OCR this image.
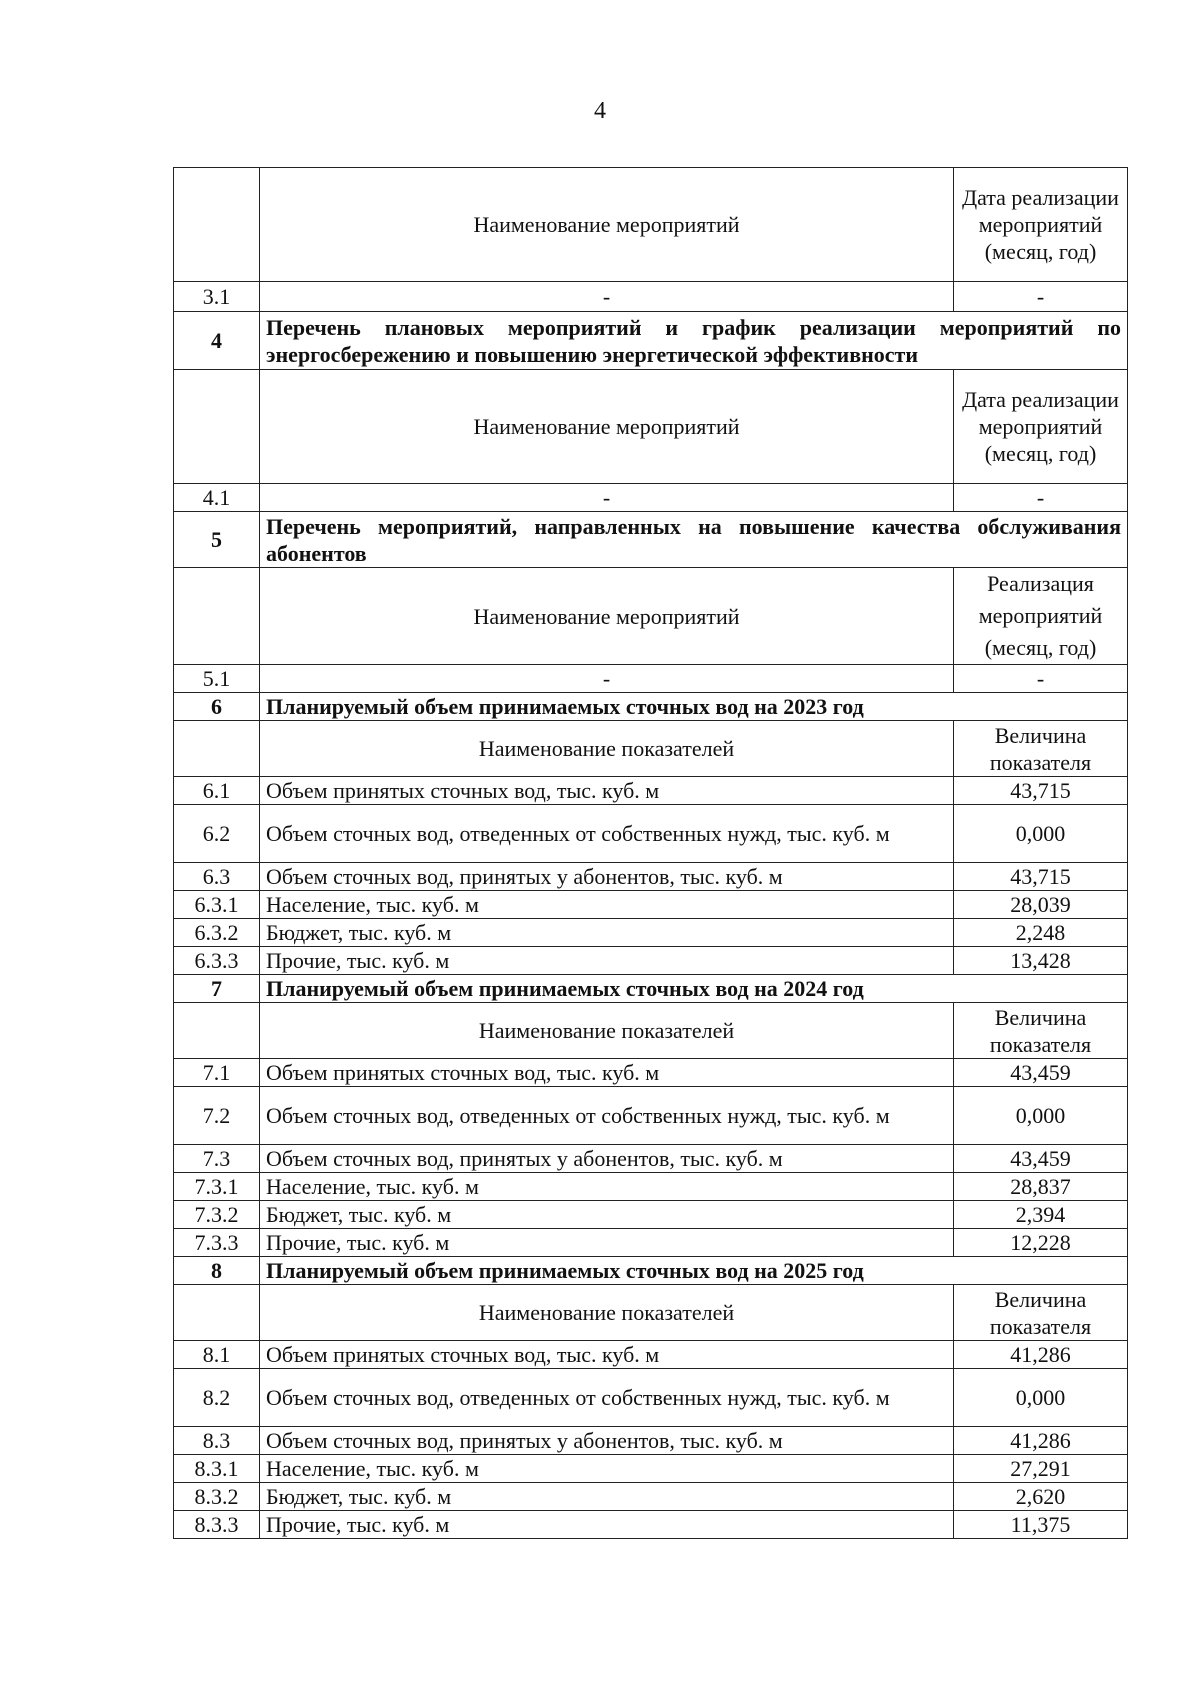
4
	Наименование мероприятий	Дата реализации мероприятий (месяц, год)
3.1	-	-
4	Перечень плановых мероприятий и график реализации мероприятий по энергосбережению и повышению энергетической эффективности	
	Наименование мероприятий	Дата реализации мероприятий (месяц, год)
4.1	-	-
5	Перечень мероприятий, направленных на повышение качества обслуживания абонентов	
	Наименование мероприятий	Реализация мероприятий (месяц, год)
5.1	-	-
6	Планируемый объем принимаемых сточных вод на 2023 год	
	Наименование показателей	Величина показателя
6.1	Объем принятых сточных вод, тыс. куб. м	43,715
6.2	Объем сточных вод, отведенных от собственных нужд, тыс. куб. м	0,000
6.3	Объем сточных вод, принятых у абонентов, тыс. куб. м	43,715
6.3.1	Население, тыс. куб. м	28,039
6.3.2	Бюджет, тыс. куб. м	2,248
6.3.3	Прочие, тыс. куб. м	13,428
7	Планируемый объем принимаемых сточных вод на 2024 год	
	Наименование показателей	Величина показателя
7.1	Объем принятых сточных вод, тыс. куб. м	43,459
7.2	Объем сточных вод, отведенных от собственных нужд, тыс. куб. м	0,000
7.3	Объем сточных вод, принятых у абонентов, тыс. куб. м	43,459
7.3.1	Население, тыс. куб. м	28,837
7.3.2	Бюджет, тыс. куб. м	2,394
7.3.3	Прочие, тыс. куб. м	12,228
8	Планируемый объем принимаемых сточных вод на 2025 год	
	Наименование показателей	Величина показателя
8.1	Объем принятых сточных вод, тыс. куб. м	41,286
8.2	Объем сточных вод, отведенных от собственных нужд, тыс. куб. м	0,000
8.3	Объем сточных вод, принятых у абонентов, тыс. куб. м	41,286
8.3.1	Население, тыс. куб. м	27,291
8.3.2	Бюджет, тыс. куб. м	2,620
8.3.3	Прочие, тыс. куб. м	11,375
